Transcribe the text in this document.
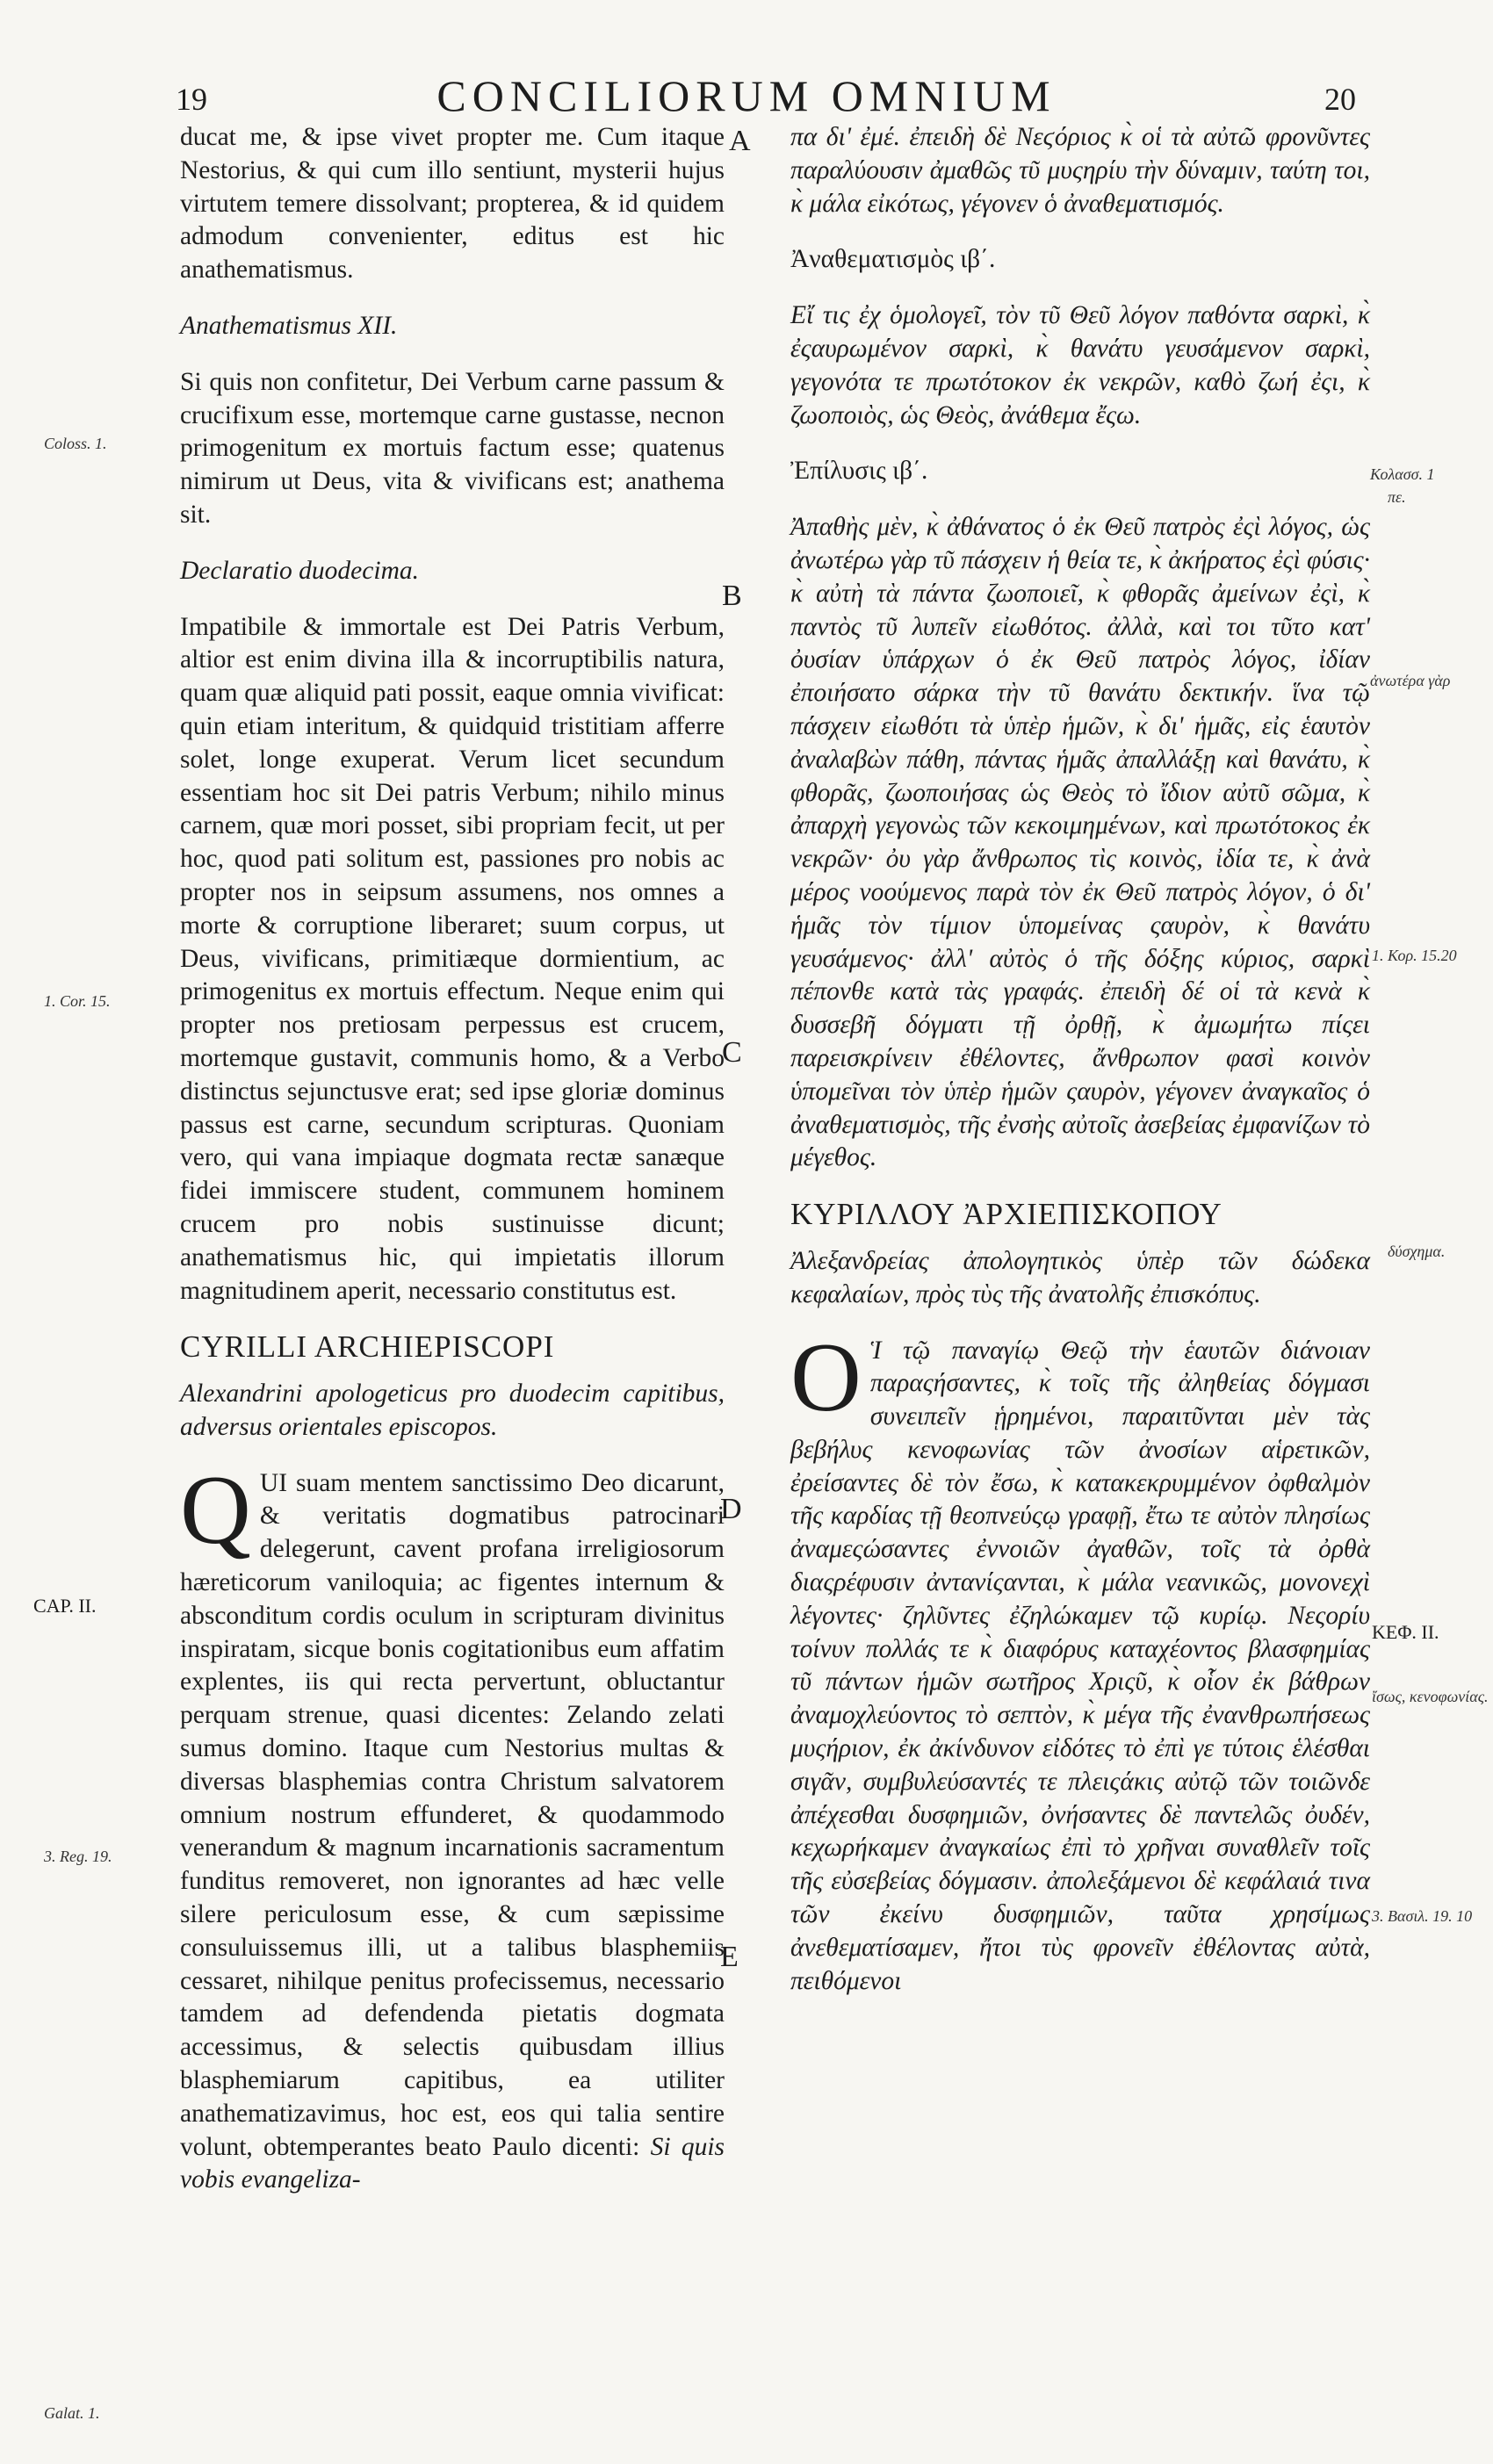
19	CONCILIORUM OMNIUM	20

ducat me, & ipse vivet propter me. Cum itaque Nestorius, & qui cum illo sentiunt, mysterii hujus virtutem temere dissolvant; propterea, & id quidem admodum convenienter, editus est hic anathematismus.

Anathematismus XII.

Si quis non confitetur, Dei Verbum carne passum & crucifixum esse, mortemque carne gustasse, necnon primogenitum ex mortuis factum esse; quatenus nimirum ut Deus, vita & vivificans est; anathema sit.

Declaratio duodecima.

Impatibile & immortale est Dei Patris Verbum, altior est enim divina illa & incorruptibilis natura, quam quæ aliquid pati possit, eaque omnia vivificat: quin etiam interitum, & quidquid tristitiam afferre solet, longe exuperat. Verum licet secundum essentiam hoc sit Dei patris Verbum; nihilo minus carnem, quæ mori posset, sibi propriam fecit, ut per hoc, quod pati solitum est, passiones pro nobis ac propter nos in seipsum assumens, nos omnes a morte & corruptione liberaret; suum corpus, ut Deus, vivificans, primitiæque dormientium, ac primogenitus ex mortuis effectum. Neque enim qui propter nos pretiosam perpessus est crucem, mortemque gustavit, communis homo, & a Verbo distinctus sejunctusve erat; sed ipse gloriæ dominus passus est carne, secundum scripturas. Quoniam vero, qui vana impiaque dogmata rectæ sanæque fidei immiscere student, communem hominem crucem pro nobis sustinuisse dicunt; anathematismus hic, qui impietatis illorum magnitudinem aperit, necessario constitutus est.

CYRILLI ARCHIEPISCOPI

Alexandrini apologeticus pro duodecim capitibus, adversus orientales episcopos.

QUI suam mentem sanctissimo Deo dicarunt, & veritatis dogmatibus patrocinari delegerunt, cavent profana irreligiosorum hæreticorum vaniloquia; ac figentes internum & absconditum cordis oculum in scripturam divinitus inspiratam, sicque bonis cogitationibus eum affatim explentes, iis qui recta pervertunt, obluctantur perquam strenue, quasi dicentes: Zelando zelati sumus domino. Itaque cum Nestorius multas & diversas blasphemias contra Christum salvatorem omnium nostrum effunderet, & quodammodo venerandum & magnum incarnationis sacramentum funditus removeret, non ignorantes ad hæc velle silere periculosum esse, & cum sæpissime consuluissemus illi, ut a talibus blasphemiis cessaret, nihilque penitus profecissemus, necessario tamdem ad defendenda pietatis dogmata accessimus, & selectis quibusdam illius blasphemiarum capitibus, ea utiliter anathematizavimus, hoc est, eos qui talia sentire volunt, obtemperantes beato Paulo dicenti: Si quis vobis evangeliza-

πα δι' ἐμέ. ἐπειδὴ δὲ Νεϛόριος κ̀ οἱ τὰ αὐτῶ φρονῦντες παραλύουσιν ἀμαθῶς τῦ μυςηρίυ τὴν δύναμιν, ταύτη τοι, κ̀ μάλα εἰκότως, γέγονεν ὁ ἀναθεματισμός.

Ἀναθεματισμὸς ιβ΄.

Εἴ τις ἐχ ὁμολογεῖ, τὸν τῦ Θεῦ λόγον παθόντα σαρκὶ, κ̀ ἐςαυρωμένον σαρκὶ, κ̀ θανάτυ γευσάμενον σαρκὶ, γεγονότα τε πρωτότοκον ἐκ νεκρῶν, καθὸ ζωή ἐςι, κ̀ ζωοποιὸς, ὡς Θεὸς, ἀνάθεμα ἔςω.

Ἐπίλυσις ιβ΄.

Ἀπαθὴς μὲν, κ̀ ἀθάνατος ὁ ἐκ Θεῦ πατρὸς ἐςὶ λόγος, ὡς ἀνωτέρω γὰρ τῦ πάσχειν ἡ θεία τε, κ̀ ἀκήρατος ἐςὶ φύσις· κ̀ αὐτὴ τὰ πάντα ζωοποιεῖ, κ̀ φθορᾶς ἀμείνων ἐςὶ, κ̀ παντὸς τῦ λυπεῖν εἰωθότος. ἀλλὰ, καὶ τοι τῦτο κατ' ὀυσίαν ὑπάρχων ὁ ἐκ Θεῦ πατρὸς λόγος, ἰδίαν ἐποιήσατο σάρκα τὴν τῦ θανάτυ δεκτικήν. ἵνα τῷ πάσχειν εἰωθότι τὰ ὑπὲρ ἡμῶν, κ̀ δι' ἡμᾶς, εἰς ἑαυτὸν ἀναλαβὼν πάθη, πάντας ἡμᾶς ἀπαλλάξῃ καὶ θανάτυ, κ̀ φθορᾶς, ζωοποιήσας ὡς Θεὸς τὸ ἴδιον αὐτῦ σῶμα, κ̀ ἀπαρχὴ γεγονὼς τῶν κεκοιμημένων, καὶ πρωτότοκος ἐκ νεκρῶν· ὀυ γὰρ ἄνθρωπος τὶς κοινὸς, ἰδία τε, κ̀ ἀνὰ μέρος νοούμενος παρὰ τὸν ἐκ Θεῦ πατρὸς λόγον, ὁ δι' ἡμᾶς τὸν τίμιον ὑπομείνας ςαυρὸν, κ̀ θανάτυ γευσάμενος· ἀλλ' αὐτὸς ὁ τῆς δόξης κύριος, σαρκὶ πέπονθε κατὰ τὰς γραφάς. ἐπειδὴ δέ οἱ τὰ κενὰ κ̀ δυσσεβῆ δόγματι τῇ ὀρθῇ, κ̀ ἀμωμήτω πίςει παρεισκρίνειν ἐθέλοντες, ἄνθρωπον φασὶ κοινὸν ὑπομεῖναι τὸν ὑπὲρ ἡμῶν ςαυρὸν, γέγονεν ἀναγκαῖος ὁ ἀναθεματισμὸς, τῆς ἐνσὴς αὐτοῖς ἀσεβείας ἐμφανίζων τὸ μέγεθος.

ΚΥΡΙΛΛΟΥ ἈΡΧΙΕΠΙΣΚΟΠΟΥ

Ἀλεξανδρείας ἀπολογητικὸς ὑπὲρ τῶν δώδεκα κεφαλαίων, πρὸς τὺς τῆς ἀνατολῆς ἐπισκόπυς.

Ο Ἱ τῷ παναγίῳ Θεῷ τὴν ἑαυτῶν διάνοιαν παραςήσαντες, κ̀ τοῖς τῆς ἀληθείας δόγμασι συνειπεῖν ᾑρημένοι, παραιτῦνται μὲν τὰς βεβήλυς κενοφωνίας τῶν ἀνοσίων αἱρετικῶν, ἐρείσαντες δὲ τὸν ἔσω, κ̀ κατακεκρυμμένον ὀφθαλμὸν τῆς καρδίας τῇ θεοπνεύςῳ γραφῇ, ἔτω τε αὐτὸν πλησίως ἀναμεςώσαντες ἐννοιῶν ἀγαθῶν, τοῖς τὰ ὀρθὰ διαςρέφυσιν ἀντανίςανται, κ̀ μάλα νεανικῶς, μονονεχὶ λέγοντες· ζηλῦντες ἐζηλώκαμεν τῷ κυρίῳ. Νεςορίυ τοίνυν πολλάς τε κ̀ διαφόρυς καταχέοντος βλασφημίας τῦ πάντων ἡμῶν σωτῆρος Χριςῦ, κ̀ οἷον ἐκ βάθρων ἀναμοχλεύοντος τὸ σεπτὸν, κ̀ μέγα τῆς ἐνανθρωπήσεως μυςήριον, ἐκ ἀκίνδυνον εἰδότες τὸ ἐπὶ γε τύτοις ἑλέσθαι σιγᾶν, συμβυλεύσαντές τε πλειςάκις αὐτῷ τῶν τοιῶνδε ἀπέχεσθαι δυσφημιῶν, ὀνήσαντες δὲ παντελῶς ὀυδέν, κεχωρήκαμεν ἀναγκαίως ἐπὶ τὸ χρῆναι συναθλεῖν τοῖς τῆς εὐσεβείας δόγμασιν. ἀπολεξάμενοι δὲ κεφάλαιά τινα τῶν ἐκείνυ δυσφημιῶν, ταῦτα χρησίμως ἀνεθεματίσαμεν, ἤτοι τὺς φρονεῖν ἐθέλοντας αὐτὰ, πειθόμενοι

A
B
C
D
E
Coloss. 1.
1. Cor. 15.
CAP. II.
3. Reg. 19.
Galat. 1.
Κολασσ. 1
πε.
ἀνωτέρα γὰρ
1. Κορ. 15.20
δύσχημα.
ΚΕΦ. II.
ἴσως, κενοφωνίας.
3. Βασιλ. 19. 10
